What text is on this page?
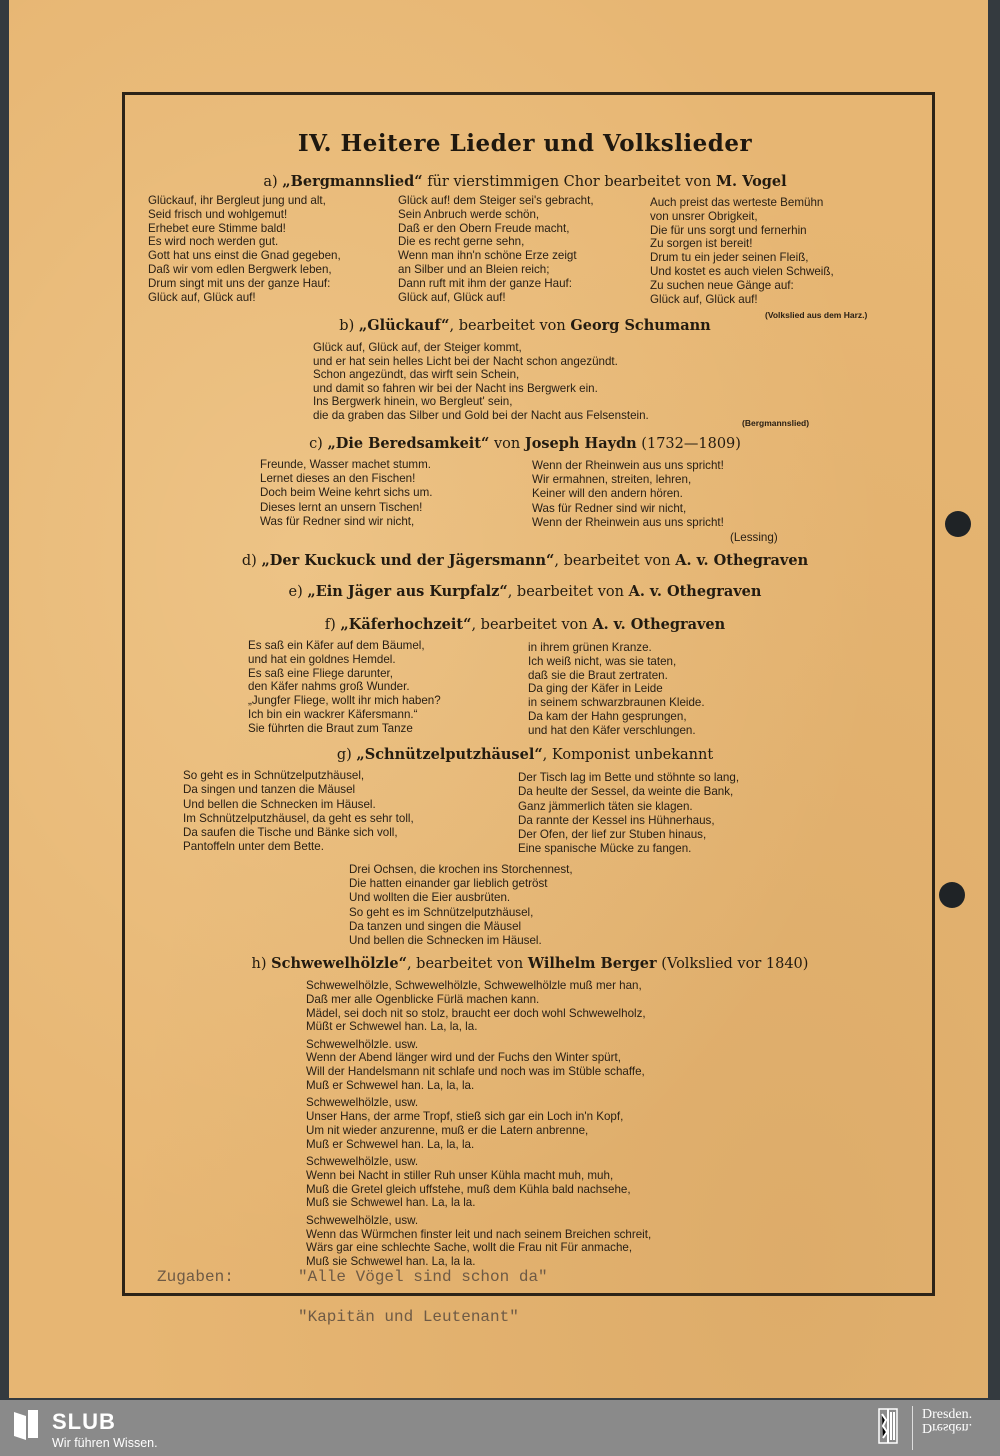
IV. Heitere Lieder und Volkslieder
a) „Bergmannslied“ für vierstimmigen Chor bearbeitet von M. Vogel
Glückauf, ihr Bergleut jung und alt,
Seid frisch und wohlgemut!
Erhebet eure Stimme bald!
Es wird noch werden gut.
Gott hat uns einst die Gnad gegeben,
Daß wir vom edlen Bergwerk leben,
Drum singt mit uns der ganze Hauf:
Glück auf, Glück auf!
Glück auf! dem Steiger sei's gebracht,
Sein Anbruch werde schön,
Daß er den Obern Freude macht,
Die es recht gerne sehn,
Wenn man ihn'n schöne Erze zeigt
an Silber und an Bleien reich;
Dann ruft mit ihm der ganze Hauf:
Glück auf, Glück auf!
Auch preist das werteste Bemühn
von unsrer Obrigkeit,
Die für uns sorgt und fernerhin
Zu sorgen ist bereit!
Drum tu ein jeder seinen Fleiß,
Und kostet es auch vielen Schweiß,
Zu suchen neue Gänge auf:
Glück auf, Glück auf!
(Volkslied aus dem Harz.)
b) „Glückauf“, bearbeitet von Georg Schumann
Glück auf, Glück auf, der Steiger kommt,
und er hat sein helles Licht bei der Nacht schon angezündt.
Schon angezündt, das wirft sein Schein,
und damit so fahren wir bei der Nacht ins Bergwerk ein.
Ins Bergwerk hinein, wo Bergleut' sein,
die da graben das Silber und Gold bei der Nacht aus Felsenstein.
(Bergmannslied)
c) „Die Beredsamkeit“ von Joseph Haydn (1732—1809)
Freunde, Wasser machet stumm.
Lernet dieses an den Fischen!
Doch beim Weine kehrt sichs um.
Dieses lernt an unsern Tischen!
Was für Redner sind wir nicht,
Wenn der Rheinwein aus uns spricht!
Wir ermahnen, streiten, lehren,
Keiner will den andern hören.
Was für Redner sind wir nicht,
Wenn der Rheinwein aus uns spricht!
(Lessing)
d) „Der Kuckuck und der Jägersmann“, bearbeitet von A. v. Othegraven
e) „Ein Jäger aus Kurpfalz“, bearbeitet von A. v. Othegraven
f) „Käferhochzeit“, bearbeitet von A. v. Othegraven
Es saß ein Käfer auf dem Bäumel,
und hat ein goldnes Hemdel.
Es saß eine Fliege darunter,
den Käfer nahms groß Wunder.
„Jungfer Fliege, wollt ihr mich haben?
Ich bin ein wackrer Käfersmann.“
Sie führten die Braut zum Tanze
in ihrem grünen Kranze.
Ich weiß nicht, was sie taten,
daß sie die Braut zertraten.
Da ging der Käfer in Leide
in seinem schwarzbraunen Kleide.
Da kam der Hahn gesprungen,
und hat den Käfer verschlungen.
g) „Schnützelputzhäusel“, Komponist unbekannt
So geht es in Schnützelputzhäusel,
Da singen und tanzen die Mäusel
Und bellen die Schnecken im Häusel.
Im Schnützelputzhäusel, da geht es sehr toll,
Da saufen die Tische und Bänke sich voll,
Pantoffeln unter dem Bette.
Der Tisch lag im Bette und stöhnte so lang,
Da heulte der Sessel, da weinte die Bank,
Ganz jämmerlich täten sie klagen.
Da rannte der Kessel ins Hühnerhaus,
Der Ofen, der lief zur Stuben hinaus,
Eine spanische Mücke zu fangen.
Drei Ochsen, die krochen ins Storchennest,
Die hatten einander gar lieblich getröst
Und wollten die Eier ausbrüten.
So geht es im Schnützelputzhäusel,
Da tanzen und singen die Mäusel
Und bellen die Schnecken im Häusel.
h) Schwewelhölzle“, bearbeitet von Wilhelm Berger (Volkslied vor 1840)
Schwewelhölzle, Schwewelhölzle, Schwewelhölzle muß mer han,
Daß mer alle Ogenblicke Fürlä machen kann.
Mädel, sei doch nit so stolz, braucht eer doch wohl Schwewelholz,
Müßt er Schwewel han. La, la, la.
Schwewelhölzle. usw.
Wenn der Abend länger wird und der Fuchs den Winter spürt,
Will der Handelsmann nit schlafe und noch was im Stüble schaffe,
Muß er Schwewel han. La, la, la.
Schwewelhölzle, usw.
Unser Hans, der arme Tropf, stieß sich gar ein Loch in'n Kopf,
Um nit wieder anzurenne, muß er die Latern anbrenne,
Muß er Schwewel han. La, la, la.
Schwewelhölzle, usw.
Wenn bei Nacht in stiller Ruh unser Kühla macht muh, muh,
Muß die Gretel gleich uffstehe, muß dem Kühla bald nachsehe,
Muß sie Schwewel han. La, la la.
Schwewelhölzle, usw.
Wenn das Würmchen finster leit und nach seinem Breichen schreit,
Wärs gar eine schlechte Sache, wollt die Frau nit Für anmache,
Muß sie Schwewel han. La, la la.
Zugaben:	"Alle Vögel sind schon da"
"Kapitän und Leutenant"
SLUB
Wir führen Wissen.
Dresden.
Dresden.
